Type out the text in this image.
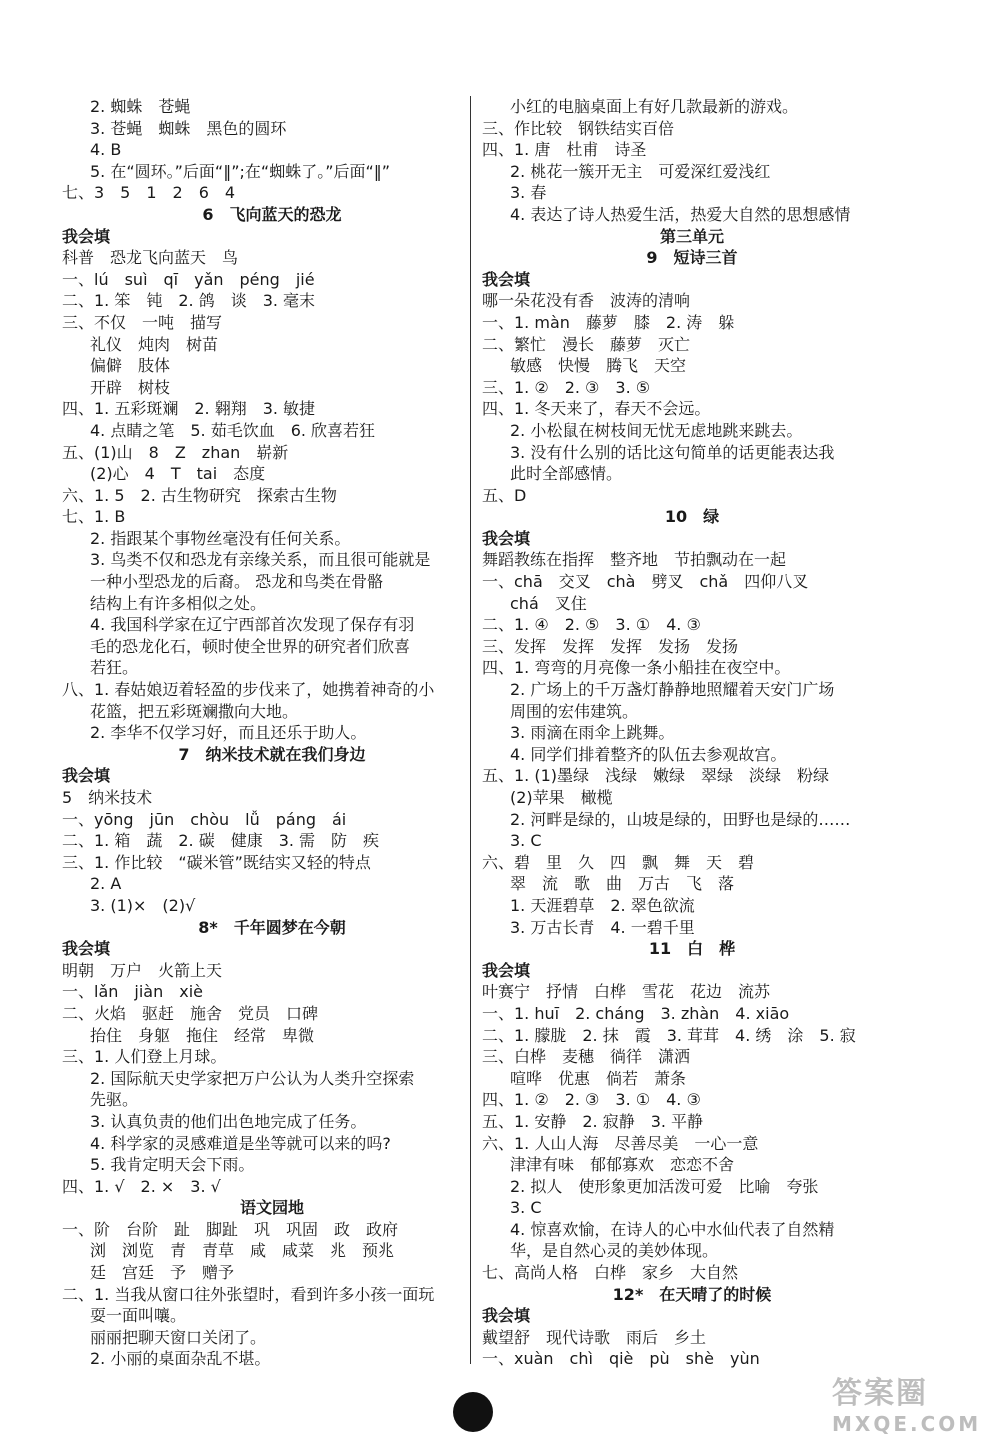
2. 蜘蛛　苍蝇
3. 苍蝇　蜘蛛　黑色的圆环
4. B
5. 在“圆环。”后面“‖”;在“蜘蛛了。”后面“‖”
七、3　5　1　2　6　4
6　飞向蓝天的恐龙
我会填
科普　恐龙飞向蓝天　鸟
一、lú　suì　qī　yǎn　péng　jié
二、1. 笨　钝　2. 鸽　谈　3. 毫末
三、不仅　一吨　描写
礼仪　炖肉　树苗
偏僻　肢体
开辟　树枝
四、1. 五彩斑斓　2. 翱翔　3. 敏捷
4. 点睛之笔　5. 茹毛饮血　6. 欣喜若狂
五、(1)山　8　Z　zhan　崭新
(2)心　4　T　tai　态度
六、1. 5　2. 古生物研究　探索古生物
七、1. B
2. 指跟某个事物丝毫没有任何关系。
3. 鸟类不仅和恐龙有亲缘关系，而且很可能就是
一种小型恐龙的后裔。 恐龙和鸟类在骨骼
结构上有许多相似之处。
4. 我国科学家在辽宁西部首次发现了保存有羽
毛的恐龙化石，顿时使全世界的研究者们欣喜
若狂。
八、1. 春姑娘迈着轻盈的步伐来了，她携着神奇的小
花篮，把五彩斑斓撒向大地。
2. 李华不仅学习好，而且还乐于助人。
7　纳米技术就在我们身边
我会填
5　纳米技术
一、yōng　jūn　chòu　lǚ　páng　ái
二、1. 箱　蔬　2. 碳　健康　3. 需　防　疾
三、1. 作比较　“碳米管”既结实又轻的特点
2. A
3. (1)×　(2)√
8*　千年圆梦在今朝
我会填
明朝　万户　火箭上天
一、lǎn　jiàn　xiè
二、火焰　驱赶　施舍　党员　口碑
抬住　身躯　拖住　经常　卑微
三、1. 人们登上月球。
2. 国际航天史学家把万户公认为人类升空探索
先驱。
3. 认真负责的他们出色地完成了任务。
4. 科学家的灵感难道是坐等就可以来的吗?
5. 我肯定明天会下雨。
四、1. √　2. ×　3. √
语文园地
一、阶　台阶　趾　脚趾　巩　巩固　政　政府
浏　浏览　青　青草　咸　咸菜　兆　预兆
廷　宫廷　予　赠予
二、1. 当我从窗口往外张望时，看到许多小孩一面玩
耍一面叫嚷。
丽丽把聊天窗口关闭了。
2. 小丽的桌面杂乱不堪。
小红的电脑桌面上有好几款最新的游戏。
三、作比较　钢铁结实百倍
四、1. 唐　杜甫　诗圣
2. 桃花一簇开无主　可爱深红爱浅红
3. 春
4. 表达了诗人热爱生活，热爱大自然的思想感情
第三单元
9　短诗三首
我会填
哪一朵花没有香　波涛的清响
一、1. màn　藤萝　膝　2. 涛　躲
二、繁忙　漫长　藤萝　灭亡
敏感　快慢　腾飞　天空
三、1. ②　2. ③　3. ⑤
四、1. 冬天来了，春天不会远。
2. 小松鼠在树枝间无忧无虑地跳来跳去。
3. 没有什么别的话比这句简单的话更能表达我
此时全部感情。
五、D
10　绿
我会填
舞蹈教练在指挥　整齐地　节拍飘动在一起
一、chā　交叉　chà　劈叉　chǎ　四仰八叉
chá　叉住
二、1. ④　2. ⑤　3. ①　4. ③
三、发挥　发挥　发挥　发扬　发扬
四、1. 弯弯的月亮像一条小船挂在夜空中。
2. 广场上的千万盏灯静静地照耀着天安门广场
周围的宏伟建筑。
3. 雨滴在雨伞上跳舞。
4. 同学们排着整齐的队伍去参观故宫。
五、1. (1)墨绿　浅绿　嫩绿　翠绿　淡绿　粉绿
(2)苹果　橄榄
2. 河畔是绿的，山坡是绿的，田野也是绿的……
3. C
六、碧　里　久　四　飘　舞　天　碧
翠　流　歌　曲　万古　飞　落
1. 天涯碧草　2. 翠色欲流
3. 万古长青　4. 一碧千里
11　白　桦
我会填
叶赛宁　抒情　白桦　雪花　花边　流苏
一、1. huī　2. cháng　3. zhàn　4. xiāo
二、1. 朦胧　2. 抹　霞　3. 茸茸　4. 绣　涂　5. 寂
三、白桦　麦穗　徜徉　潇洒
喧哗　优惠　倘若　萧条
四、1. ②　2. ③　3. ①　4. ③
五、1. 安静　2. 寂静　3. 平静
六、1. 人山人海　尽善尽美　一心一意
津津有味　郁郁寡欢　恋恋不舍
2. 拟人　使形象更加活泼可爱　比喻　夸张
3. C
4. 惊喜欢愉，在诗人的心中水仙代表了自然精
华，是自然心灵的美妙体现。
七、高尚人格　白桦　家乡　大自然
12*　在天晴了的时候
我会填
戴望舒　现代诗歌　雨后　乡土
一、xuàn　chì　qiè　pù　shè　yùn
答案圈
MXQE.COM
